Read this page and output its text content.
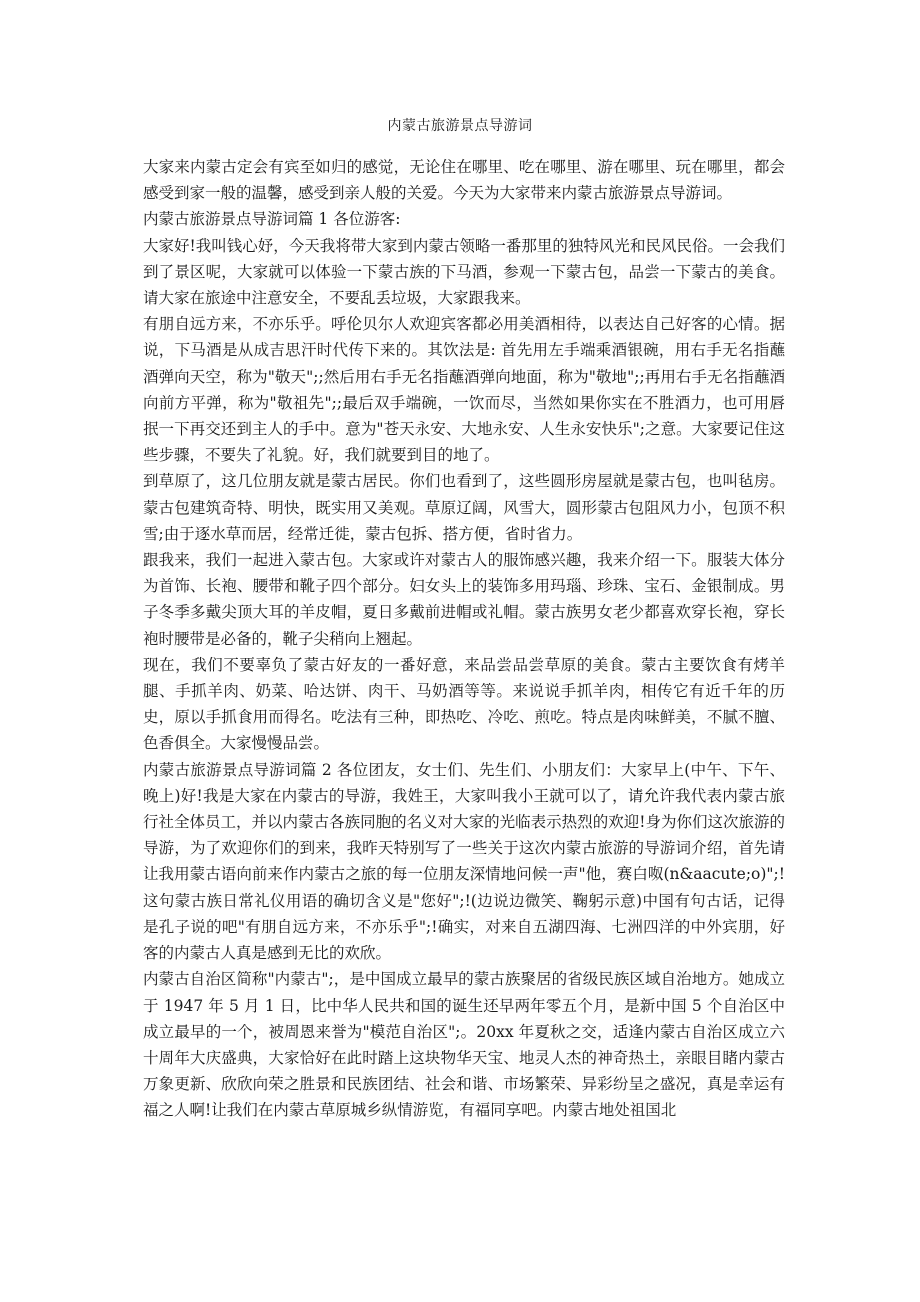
内蒙古旅游景点导游词

大家来内蒙古定会有宾至如归的感觉，无论住在哪里、吃在哪里、游在哪里、玩在哪里，都会感受到家一般的温馨，感受到亲人般的关爱。今天为大家带来内蒙古旅游景点导游词。

内蒙古旅游景点导游词篇 1 各位游客:

大家好!我叫钱心妤，今天我将带大家到内蒙古领略一番那里的独特风光和民风民俗。一会我们到了景区呢，大家就可以体验一下蒙古族的下马酒，参观一下蒙古包，品尝一下蒙古的美食。请大家在旅途中注意安全，不要乱丢垃圾，大家跟我来。

有朋自远方来，不亦乐乎。呼伦贝尔人欢迎宾客都必用美酒相待，以表达自己好客的心情。据说，下马酒是从成吉思汗时代传下来的。其饮法是: 首先用左手端乘酒银碗，用右手无名指蘸酒弹向天空，称为"敬天";;然后用右手无名指蘸酒弹向地面，称为"敬地";;再用右手无名指蘸酒向前方平弹，称为"敬祖先";;最后双手端碗，一饮而尽，当然如果你实在不胜酒力，也可用唇抿一下再交还到主人的手中。意为"苍天永安、大地永安、人生永安快乐";之意。大家要记住这些步骤，不要失了礼貌。好，我们就要到目的地了。

到草原了，这几位朋友就是蒙古居民。你们也看到了，这些圆形房屋就是蒙古包，也叫毡房。蒙古包建筑奇特、明快，既实用又美观。草原辽阔，风雪大，圆形蒙古包阻风力小，包顶不积雪;由于逐水草而居，经常迁徙，蒙古包拆、搭方便，省时省力。

跟我来，我们一起进入蒙古包。大家或许对蒙古人的服饰感兴趣，我来介绍一下。服装大体分为首饰、长袍、腰带和靴子四个部分。妇女头上的装饰多用玛瑙、珍珠、宝石、金银制成。男子冬季多戴尖顶大耳的羊皮帽，夏日多戴前进帽或礼帽。蒙古族男女老少都喜欢穿长袍，穿长袍时腰带是必备的，靴子尖稍向上翘起。

现在，我们不要辜负了蒙古好友的一番好意，来品尝品尝草原的美食。蒙古主要饮食有烤羊腿、手抓羊肉、奶菜、哈达饼、肉干、马奶酒等等。来说说手抓羊肉，相传它有近千年的历史，原以手抓食用而得名。吃法有三种，即热吃、冷吃、煎吃。特点是肉味鲜美，不腻不膻、色香俱全。大家慢慢品尝。

内蒙古旅游景点导游词篇 2 各位团友，女士们、先生们、小朋友们：大家早上(中午、下午、晚上)好!我是大家在内蒙古的导游，我姓王，大家叫我小王就可以了，请允许我代表内蒙古旅行社全体员工，并以内蒙古各族同胞的名义对大家的光临表示热烈的欢迎!身为你们这次旅游的导游，为了欢迎你们的到来，我昨天特别写了一些关于这次内蒙古旅游的导游词介绍，首先请让我用蒙古语向前来作内蒙古之旅的每一位朋友深情地问候一声"他，赛白呶(n&aacute;o)";!这句蒙古族日常礼仪用语的确切含义是"您好";!(边说边微笑、鞠躬示意)中国有句古话，记得是孔子说的吧"有朋自远方来，不亦乐乎";!确实，对来自五湖四海、七洲四洋的中外宾朋，好客的内蒙古人真是感到无比的欢欣。

内蒙古自治区简称"内蒙古";，是中国成立最早的蒙古族聚居的省级民族区域自治地方。她成立于 1947 年 5 月 1 日，比中华人民共和国的诞生还早两年零五个月，是新中国 5 个自治区中成立最早的一个，被周恩来誉为"模范自治区";。20xx 年夏秋之交，适逢内蒙古自治区成立六十周年大庆盛典，大家恰好在此时踏上这块物华天宝、地灵人杰的神奇热土，亲眼目睹内蒙古万象更新、欣欣向荣之胜景和民族团结、社会和谐、市场繁荣、异彩纷呈之盛况，真是幸运有福之人啊!让我们在内蒙古草原城乡纵情游览，有福同享吧。内蒙古地处祖国北
